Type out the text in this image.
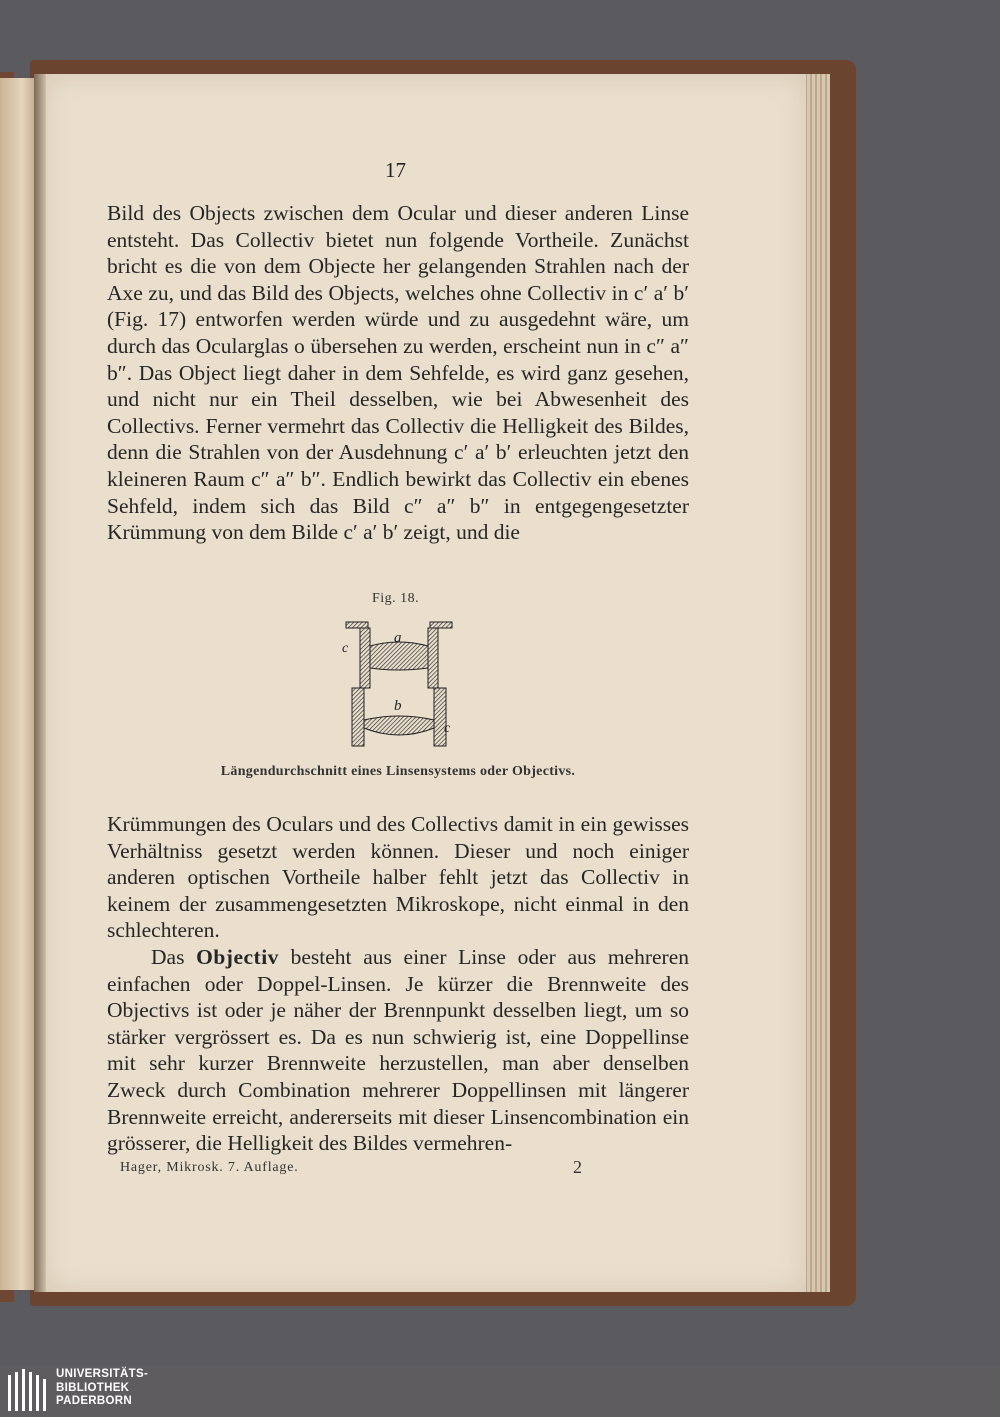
17

Bild des Objects zwischen dem Ocular und dieser anderen Linse entsteht. Das Collectiv bietet nun folgende Vortheile. Zunächst bricht es die von dem Objecte her gelangenden Strahlen nach der Axe zu, und das Bild des Objects, welches ohne Collectiv in c′ a′ b′ (Fig. 17) entworfen werden würde und zu ausgedehnt wäre, um durch das Ocularglas o übersehen zu werden, erscheint nun in c″ a″ b″. Das Object liegt daher in dem Sehfelde, es wird ganz gesehen, und nicht nur ein Theil desselben, wie bei Abwesenheit des Collectivs. Ferner vermehrt das Collectiv die Helligkeit des Bildes, denn die Strahlen von der Ausdehnung c′ a′ b′ erleuchten jetzt den kleineren Raum c″ a″ b″. Endlich bewirkt das Collectiv ein ebenes Sehfeld, indem sich das Bild c″ a″ b″ in entgegengesetzter Krümmung von dem Bilde c′ a′ b′ zeigt, und die

Fig. 18.
a
b
c
c
Längendurchschnitt eines Linsensystems oder Objectivs.

Krümmungen des Oculars und des Collectivs damit in ein gewisses Verhältniss gesetzt werden können. Dieser und noch einiger anderen optischen Vortheile halber fehlt jetzt das Collectiv in keinem der zusammengesetzten Mikroskope, nicht einmal in den schlechteren.

Das Objectiv besteht aus einer Linse oder aus mehreren einfachen oder Doppel-Linsen. Je kürzer die Brennweite des Objectivs ist oder je näher der Brennpunkt desselben liegt, um so stärker vergrössert es. Da es nun schwierig ist, eine Doppellinse mit sehr kurzer Brennweite herzustellen, man aber denselben Zweck durch Combination mehrerer Doppellinsen mit längerer Brennweite erreicht, andererseits mit dieser Linsencombination ein grösserer, die Helligkeit des Bildes vermehren-

Hager, Mikrosk. 7. Auflage.	2
UNIVERSITÄTS-
BIBLIOTHEK
PADERBORN
